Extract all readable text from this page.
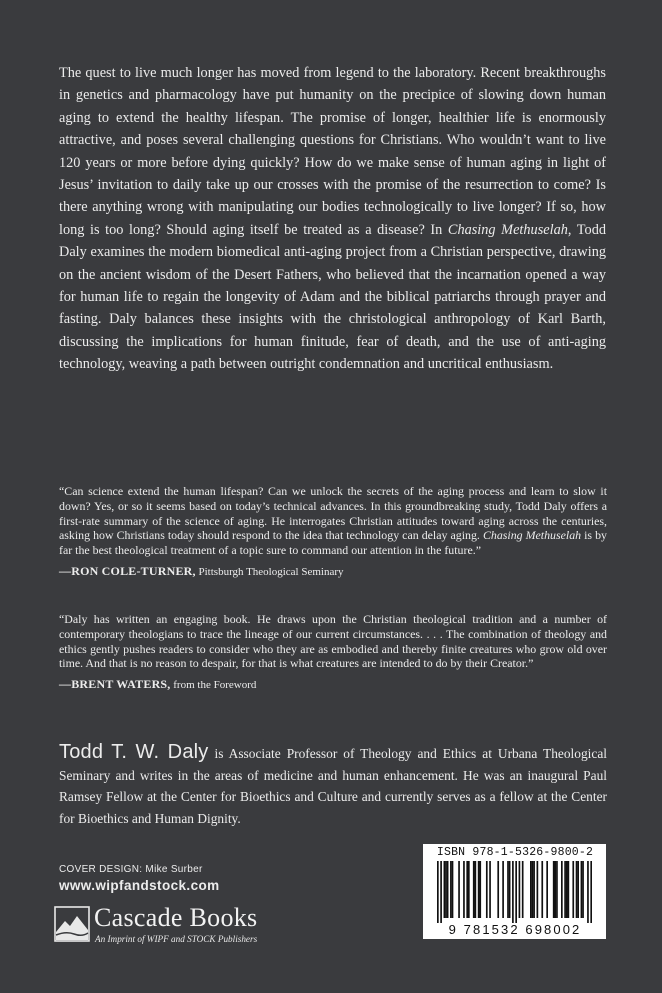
The quest to live much longer has moved from legend to the laboratory. Recent breakthroughs in genetics and pharmacology have put humanity on the precipice of slowing down human aging to extend the healthy lifespan. The promise of longer, healthier life is enormously attractive, and poses several challenging questions for Christians. Who wouldn’t want to live 120 years or more before dying quickly? How do we make sense of human aging in light of Jesus’ invitation to daily take up our crosses with the promise of the resurrection to come? Is there anything wrong with manipulating our bodies technologically to live longer? If so, how long is too long? Should aging itself be treated as a disease? In Chasing Methuselah, Todd Daly examines the modern biomedical anti-aging project from a Christian perspective, drawing on the ancient wisdom of the Desert Fathers, who believed that the incarnation opened a way for human life to regain the longevity of Adam and the biblical patriarchs through prayer and fasting. Daly balances these insights with the christological anthropology of Karl Barth, discussing the implications for human finitude, fear of death, and the use of anti-aging technology, weaving a path between outright condemnation and uncritical enthusiasm.

“Can science extend the human lifespan? Can we unlock the secrets of the aging process and learn to slow it down? Yes, or so it seems based on today’s technical advances. In this groundbreaking study, Todd Daly offers a first-rate summary of the science of aging. He interrogates Christian attitudes toward aging across the centuries, asking how Christians today should respond to the idea that technology can delay aging. Chasing Methuselah is by far the best theological treatment of a topic sure to command our attention in the future.”

—RON COLE-TURNER, Pittsburgh Theological Seminary

“Daly has written an engaging book. He draws upon the Christian theological tradition and a number of contemporary theologians to trace the lineage of our current circumstances. . . . The combination of theology and ethics gently pushes readers to consider who they are as embodied and thereby finite creatures who grow old over time. And that is no reason to despair, for that is what creatures are intended to do by their Creator.”

—BRENT WATERS, from the Foreword

Todd T. W. Daly is Associate Professor of Theology and Ethics at Urbana Theological Seminary and writes in the areas of medicine and human enhancement. He was an inaugural Paul Ramsey Fellow at the Center for Bioethics and Culture and currently serves as a fellow at the Center for Bioethics and Human Dignity.

COVER DESIGN: Mike Surber
www.wipfandstock.com
Cascade Books
An Imprint of WIPF and STOCK Publishers
ISBN 978-1-5326-9800-2
9 781532 698002
